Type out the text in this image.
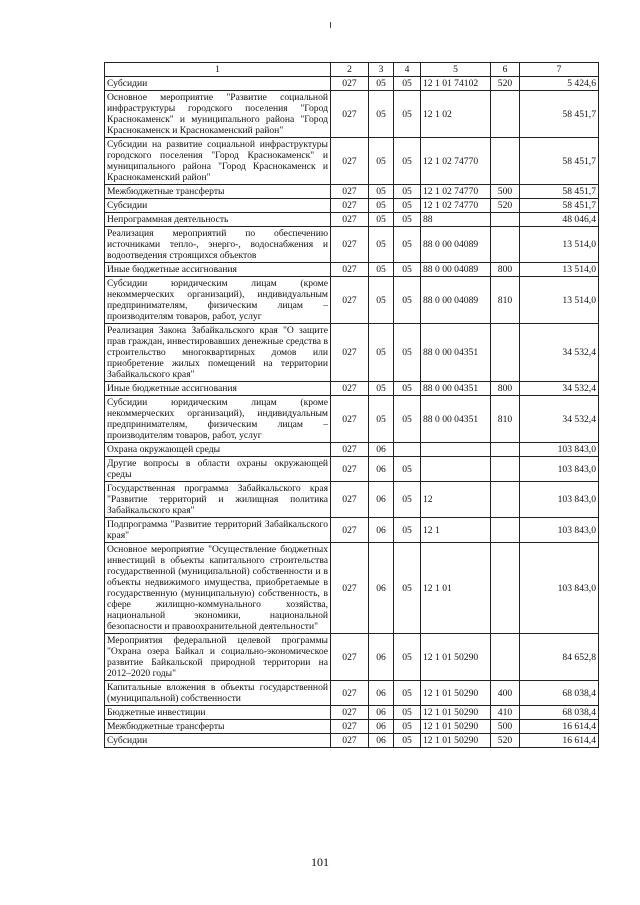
1	2	3	4	5	6	7
Субсидии	027	05	05	12 1 01 74102	520	5 424,6
Основное мероприятие "Развитие социальной инфраструктуры городского поселения "Город Краснокаменск" и муниципального района "Город Краснокаменск и Краснокаменский район"	027	05	05	12 1 02		58 451,7
Субсидии на развитие социальной инфраструктуры городского поселения "Город Краснокаменск" и муниципального района "Город Краснокаменск и Краснокаменский район"	027	05	05	12 1 02 74770		58 451,7
Межбюджетные трансферты	027	05	05	12 1 02 74770	500	58 451,7
Субсидии	027	05	05	12 1 02 74770	520	58 451,7
Непрограммная деятельность	027	05	05	88		48 046,4
Реализация мероприятий по обеспечению источниками тепло-, энерго-, водоснабжения и водоотведения строящихся объектов	027	05	05	88 0 00 04089		13 514,0
Иные бюджетные ассигнования	027	05	05	88 0 00 04089	800	13 514,0
Субсидии юридическим лицам (кроме некоммерческих организаций), индивидуальным предпринимателям, физическим лицам – производителям товаров, работ, услуг	027	05	05	88 0 00 04089	810	13 514,0
Реализация Закона Забайкальского края "О защите прав граждан, инвестировавших денежные средства в строительство многоквартирных домов или приобретение жилых помещений на территории Забайкальского края"	027	05	05	88 0 00 04351		34 532,4
Иные бюджетные ассигнования	027	05	05	88 0 00 04351	800	34 532,4
Субсидии юридическим лицам (кроме некоммерческих организаций), индивидуальным предпринимателям, физическим лицам – производителям товаров, работ, услуг	027	05	05	88 0 00 04351	810	34 532,4
Охрана окружающей среды	027	06				103 843,0
Другие вопросы в области охраны окружающей среды	027	06	05			103 843,0
Государственная программа Забайкальского края "Развитие территорий и жилищная политика Забайкальского края"	027	06	05	12		103 843,0
Подпрограмма "Развитие территорий Забайкальского края"	027	06	05	12 1		103 843,0
Основное мероприятие "Осуществление бюджетных инвестиций в объекты капитального строительства государственной (муниципальной) собственности и в объекты недвижимого имущества, приобретаемые в государственную (муниципальную) собственность, в сфере жилищно-коммунального хозяйства, национальной экономики, национальной безопасности и правоохранительной деятельности"	027	06	05	12 1 01		103 843,0
Мероприятия федеральной целевой программы "Охрана озера Байкал и социально-экономическое развитие Байкальской природной территории на 2012–2020 годы"	027	06	05	12 1 01 50290		84 652,8
Капитальные вложения в объекты государственной (муниципальной) собственности	027	06	05	12 1 01 50290	400	68 038,4
Бюджетные инвестиции	027	06	05	12 1 01 50290	410	68 038,4
Межбюджетные трансферты	027	06	05	12 1 01 50290	500	16 614,4
Субсидии	027	06	05	12 1 01 50290	520	16 614,4
101
